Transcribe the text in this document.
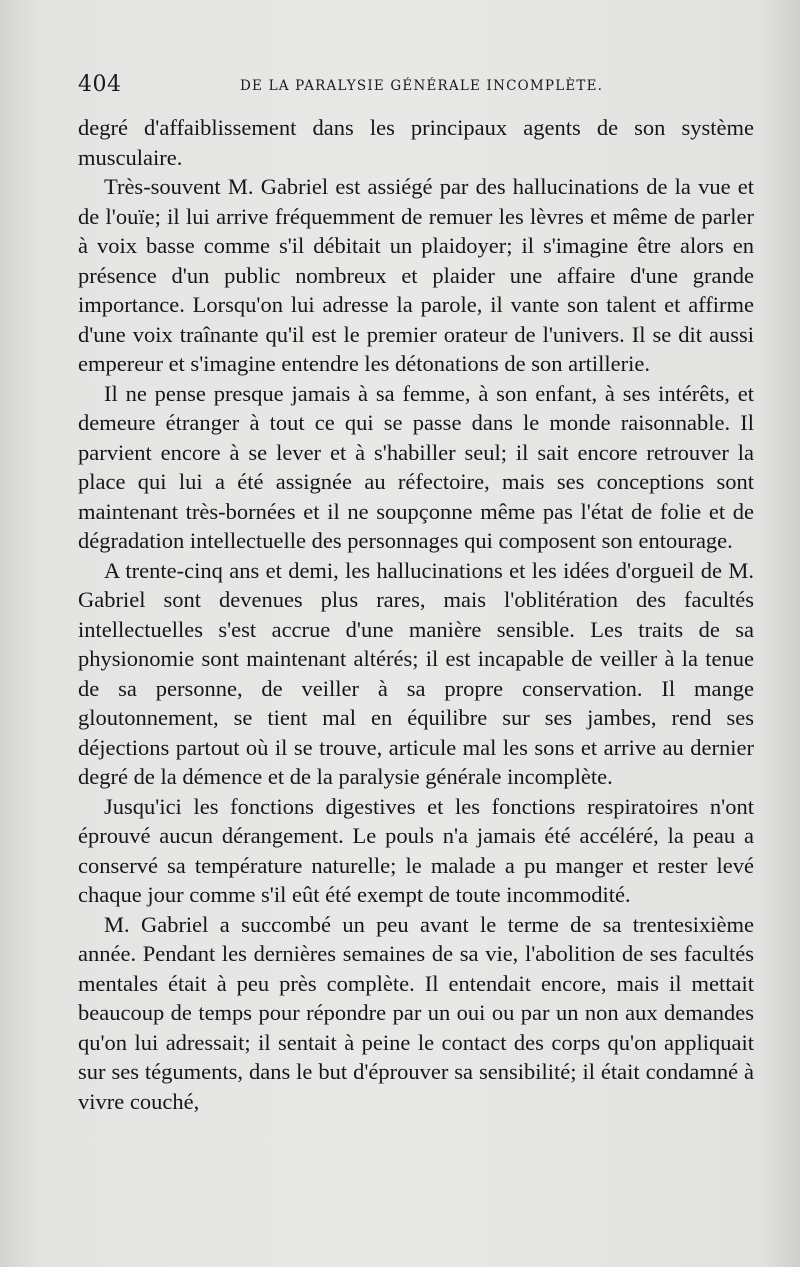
404	DE LA PARALYSIE GÉNÉRALE INCOMPLÈTE.

degré d'affaiblissement dans les principaux agents de son système musculaire.

Très-souvent M. Gabriel est assiégé par des hallucinations de la vue et de l'ouïe; il lui arrive fréquemment de remuer les lèvres et même de parler à voix basse comme s'il débitait un plaidoyer; il s'imagine être alors en présence d'un public nombreux et plaider une affaire d'une grande importance. Lorsqu'on lui adresse la parole, il vante son talent et affirme d'une voix traînante qu'il est le premier orateur de l'univers. Il se dit aussi empereur et s'imagine entendre les détonations de son artillerie.

Il ne pense presque jamais à sa femme, à son enfant, à ses intérêts, et demeure étranger à tout ce qui se passe dans le monde raisonnable. Il parvient encore à se lever et à s'habiller seul; il sait encore retrouver la place qui lui a été assignée au réfectoire, mais ses conceptions sont maintenant très-bornées et il ne soupçonne même pas l'état de folie et de dégradation intellectuelle des personnages qui composent son entourage.

A trente-cinq ans et demi, les hallucinations et les idées d'orgueil de M. Gabriel sont devenues plus rares, mais l'oblitération des facultés intellectuelles s'est accrue d'une manière sensible. Les traits de sa physionomie sont maintenant altérés; il est incapable de veiller à la tenue de sa personne, de veiller à sa propre conservation. Il mange gloutonnement, se tient mal en équilibre sur ses jambes, rend ses déjections partout où il se trouve, articule mal les sons et arrive au dernier degré de la démence et de la paralysie générale incomplète.

Jusqu'ici les fonctions digestives et les fonctions respiratoires n'ont éprouvé aucun dérangement. Le pouls n'a jamais été accéléré, la peau a conservé sa température naturelle; le malade a pu manger et rester levé chaque jour comme s'il eût été exempt de toute incommodité.

M. Gabriel a succombé un peu avant le terme de sa trentesixième année. Pendant les dernières semaines de sa vie, l'abolition de ses facultés mentales était à peu près complète. Il entendait encore, mais il mettait beaucoup de temps pour répondre par un oui ou par un non aux demandes qu'on lui adressait; il sentait à peine le contact des corps qu'on appliquait sur ses téguments, dans le but d'éprouver sa sensibilité; il était condamné à vivre couché,
